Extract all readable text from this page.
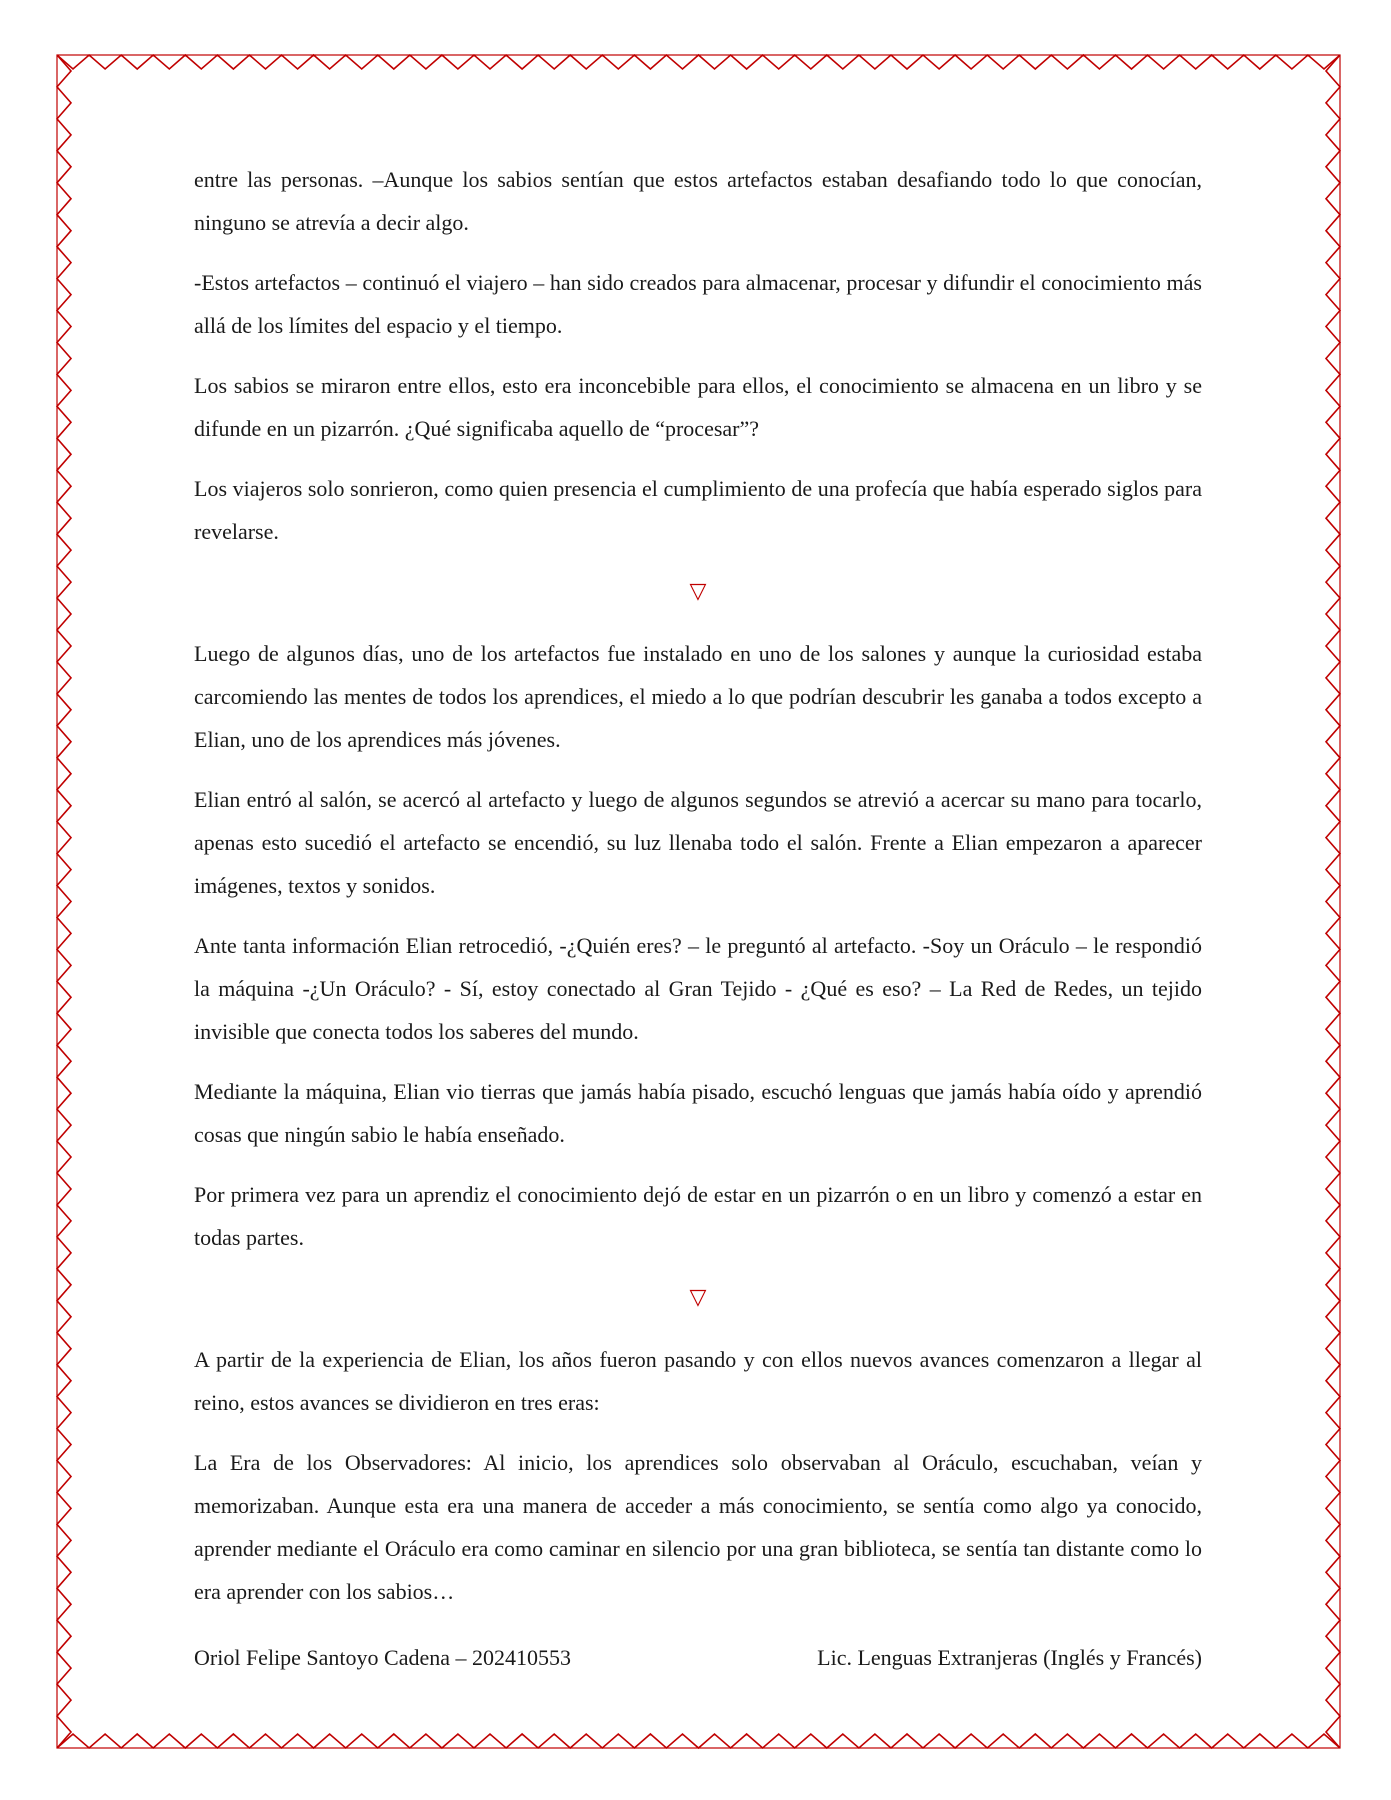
entre las personas. –Aunque los sabios sentían que estos artefactos estaban desafiando todo lo que conocían, ninguno se atrevía a decir algo.

-Estos artefactos – continuó el viajero – han sido creados para almacenar, procesar y difundir el conocimiento más allá de los límites del espacio y el tiempo.

Los sabios se miraron entre ellos, esto era inconcebible para ellos, el conocimiento se almacena en un libro y se difunde en un pizarrón. ¿Qué significaba aquello de “procesar”?

Los viajeros solo sonrieron, como quien presencia el cumplimiento de una profecía que había esperado siglos para revelarse.

▽

Luego de algunos días, uno de los artefactos fue instalado en uno de los salones y aunque la curiosidad estaba carcomiendo las mentes de todos los aprendices, el miedo a lo que podrían descubrir les ganaba a todos excepto a Elian, uno de los aprendices más jóvenes.

Elian entró al salón, se acercó al artefacto y luego de algunos segundos se atrevió a acercar su mano para tocarlo, apenas esto sucedió el artefacto se encendió, su luz llenaba todo el salón. Frente a Elian empezaron a aparecer imágenes, textos y sonidos.

Ante tanta información Elian retrocedió, -¿Quién eres? – le preguntó al artefacto. -Soy un Oráculo – le respondió la máquina -¿Un Oráculo? - Sí, estoy conectado al Gran Tejido - ¿Qué es eso? – La Red de Redes, un tejido invisible que conecta todos los saberes del mundo.

Mediante la máquina, Elian vio tierras que jamás había pisado, escuchó lenguas que jamás había oído y aprendió cosas que ningún sabio le había enseñado.

Por primera vez para un aprendiz el conocimiento dejó de estar en un pizarrón o en un libro y comenzó a estar en todas partes.

▽

A partir de la experiencia de Elian, los años fueron pasando y con ellos nuevos avances comenzaron a llegar al reino, estos avances se dividieron en tres eras:

La Era de los Observadores: Al inicio, los aprendices solo observaban al Oráculo, escuchaban, veían y memorizaban. Aunque esta era una manera de acceder a más conocimiento, se sentía como algo ya conocido, aprender mediante el Oráculo era como caminar en silencio por una gran biblioteca, se sentía tan distante como lo era aprender con los sabios…

Oriol Felipe Santoyo Cadena – 202410553	Lic. Lenguas Extranjeras (Inglés y Francés)
